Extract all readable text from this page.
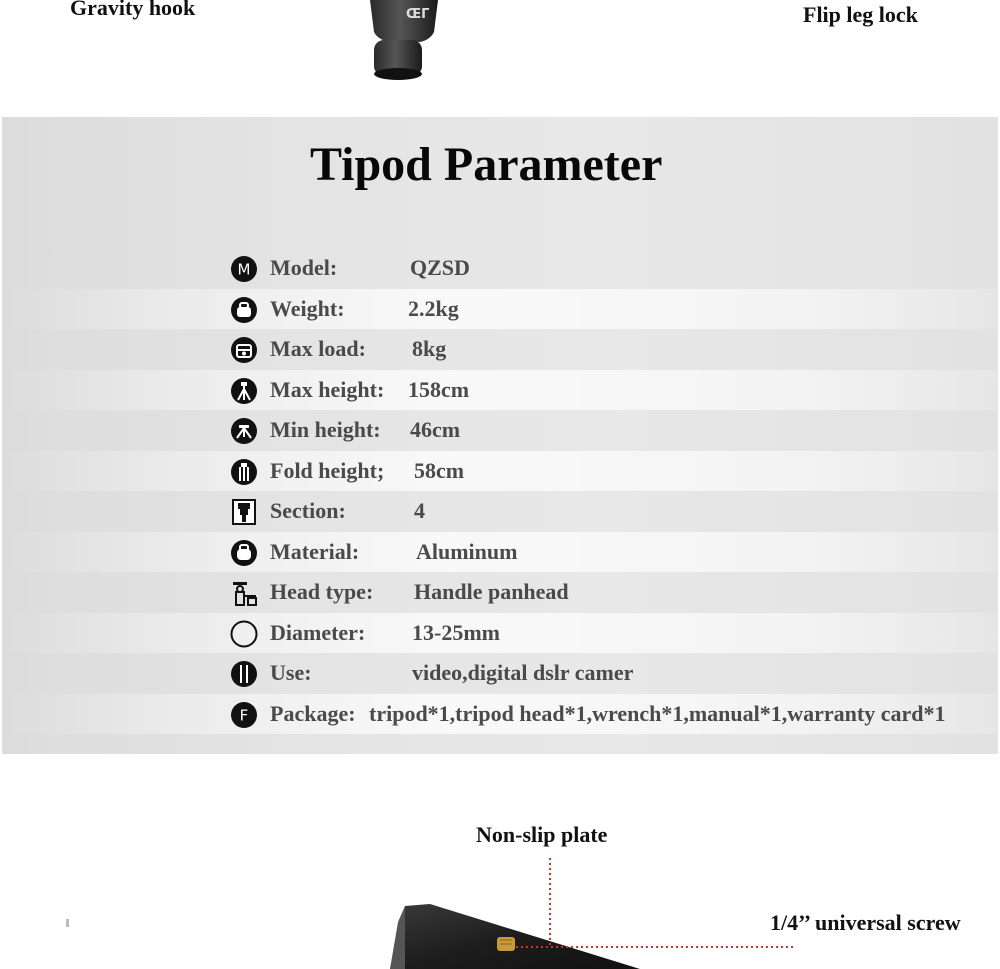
Gravity hook	Flip leg lock
ŒΓ
Tipod Parameter
M Model:	QZSD
Weight:	2.2kg
Max load: 8kg
Max height: 158cm
Min height: 46cm
Fold height; 58cm
Section:	4
Material:	Aluminum
Head type: Handle panhead
Diameter: 13-25mm
Use:	video,digital dslr camer
F Package: tripod*1,tripod head*1,wrench*1,manual*1,warranty card*1
Non-slip plate
1/4’’ universal screw
